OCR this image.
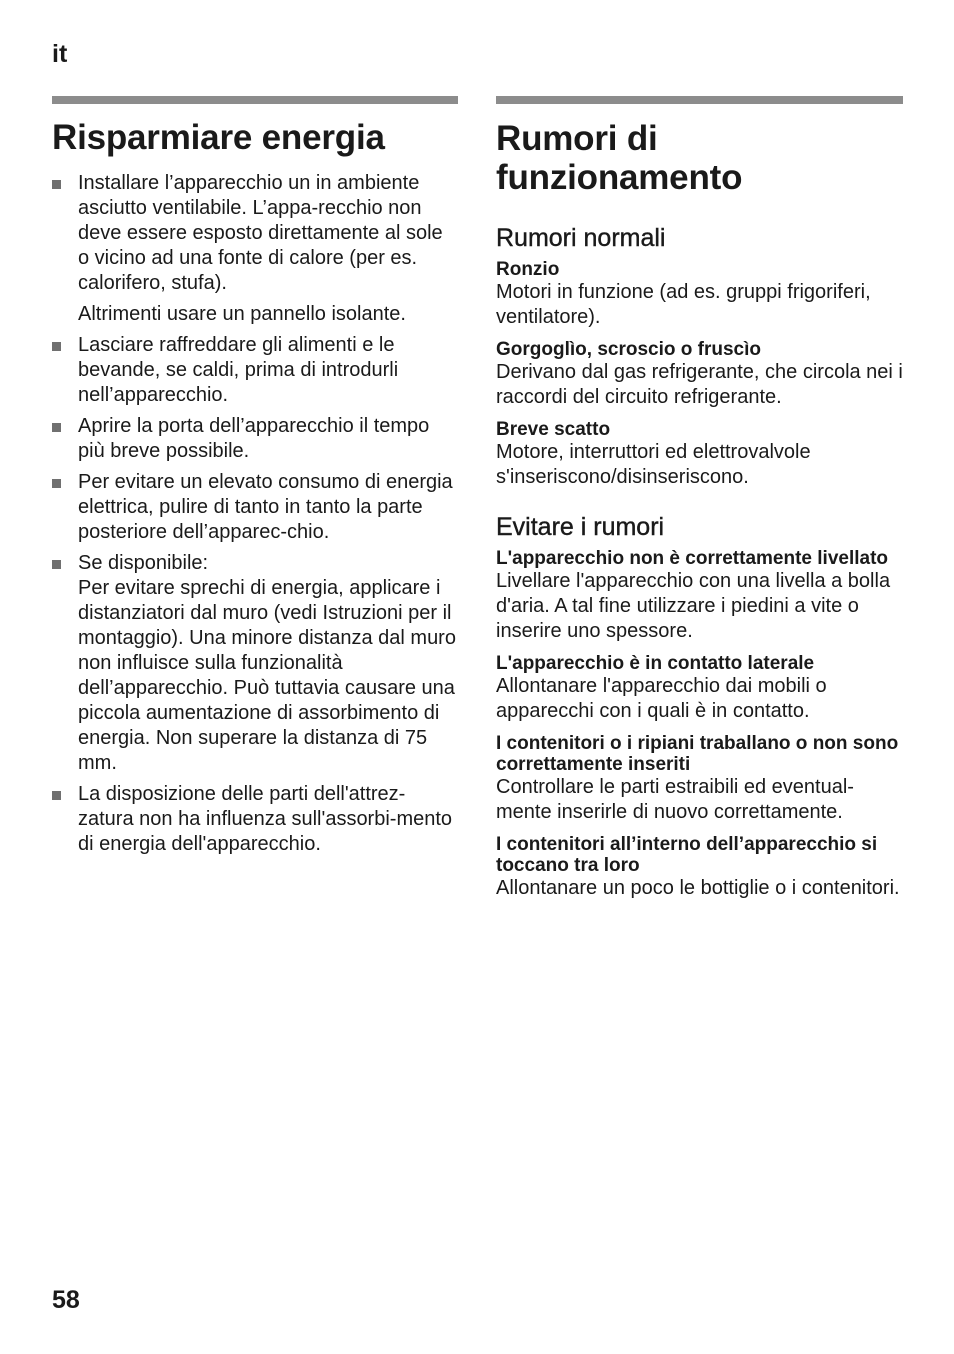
it
Risparmiare energia

Installare l’apparecchio un in ambiente asciutto ventilabile. L’appa-recchio non deve essere esposto direttamente al sole o vicino ad una fonte di calore (per es. calorifero, stufa).

Altrimenti usare un pannello isolante.

Lasciare raffreddare gli alimenti e le bevande, se caldi, prima di introdurli nell’apparecchio.

Aprire la porta dell’apparecchio il tempo più breve possibile.

Per evitare un elevato consumo di energia elettrica, pulire di tanto in tanto la parte posteriore dell’apparec-chio.

Se disponibile:
Per evitare sprechi di energia, applicare i distanziatori dal muro (vedi Istruzioni per il montaggio). Una minore distanza dal muro non influisce sulla funzionalità dell’apparecchio. Può tuttavia causare una piccola aumentazione di assorbimento di energia. Non superare la distanza di 75 mm.

La disposizione delle parti dell'attrez-zatura non ha influenza sull'assorbi-mento di energia dell'apparecchio.

Rumori di funzionamento
Rumori normali
Ronzio

Motori in funzione (ad es. gruppi frigoriferi, ventilatore).

Gorgoglìo, scroscio o fruscìo

Derivano dal gas refrigerante, che circola nei i raccordi del circuito refrigerante.

Breve scatto

Motore, interruttori ed elettrovalvole s'inseriscono/disinseriscono.

Evitare i rumori
L'apparecchio non è correttamente livellato

Livellare l'apparecchio con una livella a bolla d'aria. A tal fine utilizzare i piedini a vite o inserire uno spessore.

L'apparecchio è in contatto laterale

Allontanare l'apparecchio dai mobili o apparecchi con i quali è in contatto.

I contenitori o i ripiani traballano o non sono correttamente inseriti

Controllare le parti estraibili ed eventual-mente inserirle di nuovo correttamente.

I contenitori all’interno dell’apparecchio si toccano tra loro

Allontanare un poco le bottiglie o i contenitori.

58
